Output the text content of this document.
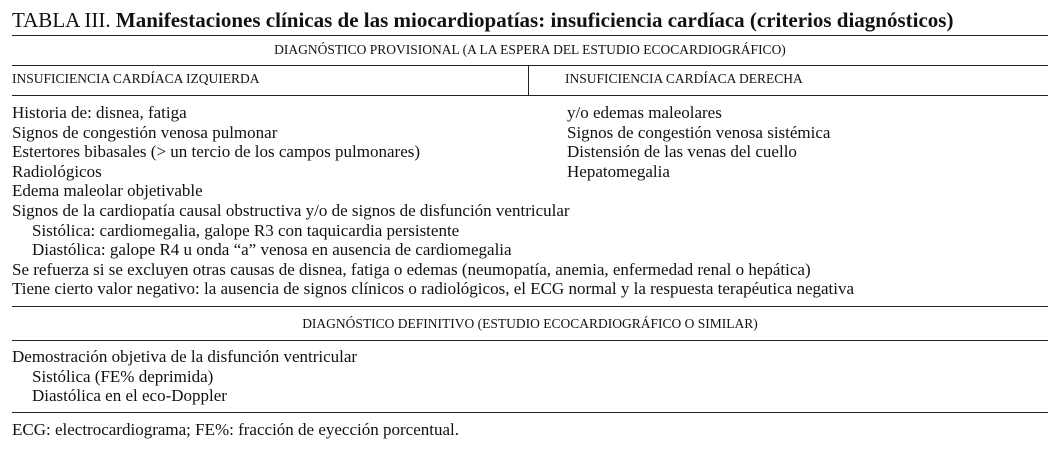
TABLA III. Manifestaciones clínicas de las miocardiopatías: insuficiencia cardíaca (criterios diagnósticos)
DIAGNÓSTICO PROVISIONAL (A LA ESPERA DEL ESTUDIO ECOCARDIOGRÁFICO)
INSUFICIENCIA CARDÍACA IZQUIERDA	INSUFICIENCIA CARDÍACA DERECHA
Historia de: disnea, fatiga
Signos de congestión venosa pulmonar
Estertores bibasales (> un tercio de los campos pulmonares)
Radiológicos
Edema maleolar objetivable
y/o edemas maleolares
Signos de congestión venosa sistémica
Distensión de las venas del cuello
Hepatomegalia
Signos de la cardiopatía causal obstructiva y/o de signos de disfunción ventricular
Sistólica: cardiomegalia, galope R3 con taquicardia persistente
Diastólica: galope R4 u onda “a” venosa en ausencia de cardiomegalia
Se refuerza si se excluyen otras causas de disnea, fatiga o edemas (neumopatía, anemia, enfermedad renal o hepática)
Tiene cierto valor negativo: la ausencia de signos clínicos o radiológicos, el ECG normal y la respuesta terapéutica negativa
DIAGNÓSTICO DEFINITIVO (ESTUDIO ECOCARDIOGRÁFICO O SIMILAR)
Demostración objetiva de la disfunción ventricular
Sistólica (FE% deprimida)
Diastólica en el eco-Doppler
ECG: electrocardiograma; FE%: fracción de eyección porcentual.
